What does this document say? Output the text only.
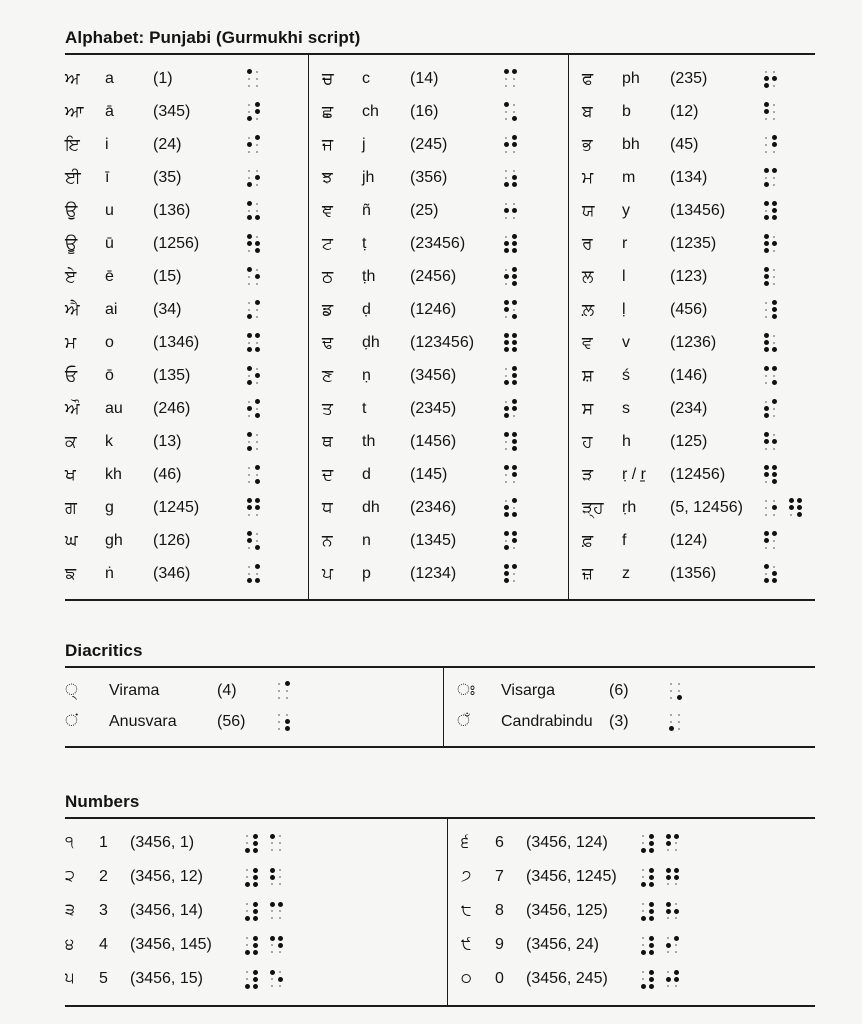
Alphabet: Punjabi (Gurmukhi script)
ਅ	a	(1)
ਆ	ā	(345)
ਇ	i	(24)
ਈ	ī	(35)
ਉ	u	(136)
ਊ	ū	(1256)
ਏ	ē	(15)
ਐ	ai	(34)
ਮ	o	(1346)
ਓ	ō	(135)
ਔ	au	(246)
ਕ	k	(13)
ਖ	kh	(46)
ਗ	g	(1245)
ਘ	gh	(126)
ਙ	ṅ	(346)
ਚ	c	(14)
ਛ	ch	(16)
ਜ	j	(245)
ਝ	jh	(356)
ਞ	ñ	(25)
ਟ	ṭ	(23456)
ਠ	ṭh	(2456)
ਡ	ḍ	(1246)
ਢ	ḍh	(123456)
ਣ	ṇ	(3456)
ਤ	t	(2345)
ਥ	th	(1456)
ਦ	d	(145)
ਧ	dh	(2346)
ਨ	n	(1345)
ਪ	p	(1234)
ਫ	ph	(235)
ਬ	b	(12)
ਭ	bh	(45)
ਮ	m	(134)
ਯ	y	(13456)
ਰ	r	(1235)
ਲ	l	(123)
ਲ਼	ḷ	(456)
ਵ	v	(1236)
ਸ਼	ś	(146)
ਸ	s	(234)
ਹ	h	(125)
ੜ	ṛ / r̠	(12456)
ੜ੍ਹ	ṛh	(5, 12456)
ਫ਼	f	(124)
ਜ਼	z	(1356)
Diacritics
◌੍	Virama	(4)
◌ਂ	Anusvara	(56)
◌ਃ	Visarga	(6)
◌ਁ	Candrabindu	(3)
Numbers
੧	1	(3456, 1)
੨	2	(3456, 12)
੩	3	(3456, 14)
੪	4	(3456, 145)
੫	5	(3456, 15)
੬	6	(3456, 124)
੭	7	(3456, 1245)
੮	8	(3456, 125)
੯	9	(3456, 24)
੦	0	(3456, 245)
